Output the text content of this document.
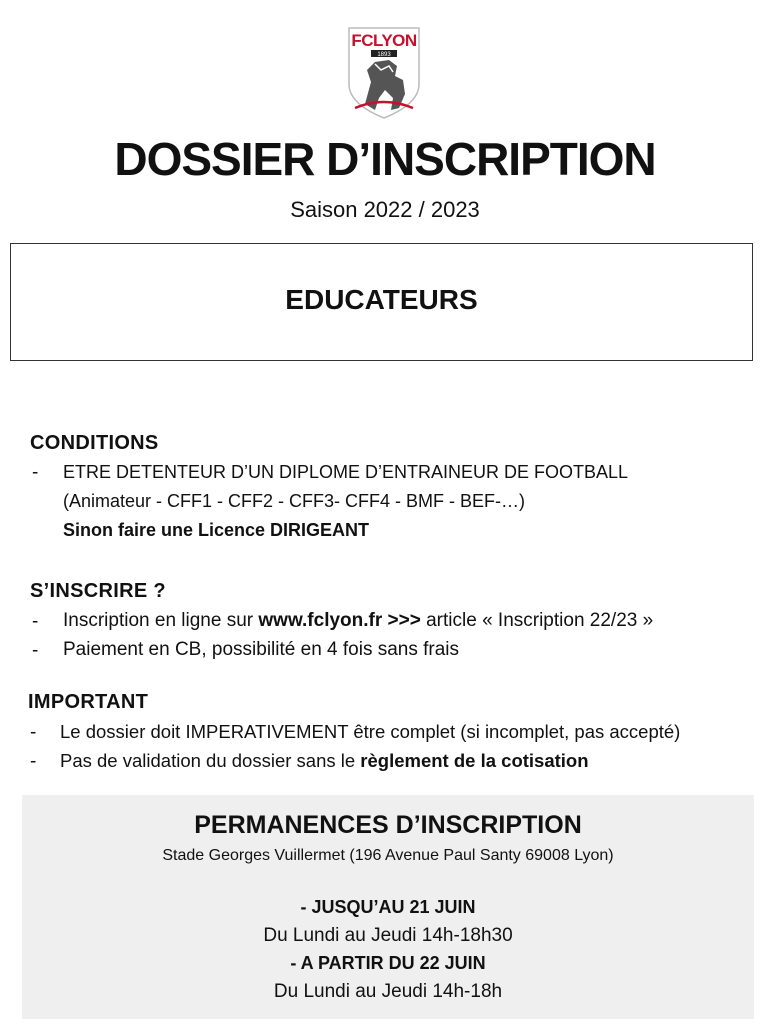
FCLYON
1893
DOSSIER D’INSCRIPTION
Saison 2022 / 2023
EDUCATEURS
CONDITIONS
- ETRE DETENTEUR D’UN DIPLOME D’ENTRAINEUR DE FOOTBALL
(Animateur - CFF1 - CFF2 - CFF3- CFF4 - BMF - BEF-…)
Sinon faire une Licence DIRIGEANT
S’INSCRIRE ?
- Inscription en ligne sur www.fclyon.fr >>> article « Inscription 22/23 »
- Paiement en CB, possibilité en 4 fois sans frais
IMPORTANT
- Le dossier doit IMPERATIVEMENT être complet (si incomplet, pas accepté)
- Pas de validation du dossier sans le règlement de la cotisation
PERMANENCES D’INSCRIPTION
Stade Georges Vuillermet (196 Avenue Paul Santy 69008 Lyon)
- JUSQU’AU 21 JUIN
Du Lundi au Jeudi 14h-18h30
- A PARTIR DU 22 JUIN
Du Lundi au Jeudi 14h-18h
